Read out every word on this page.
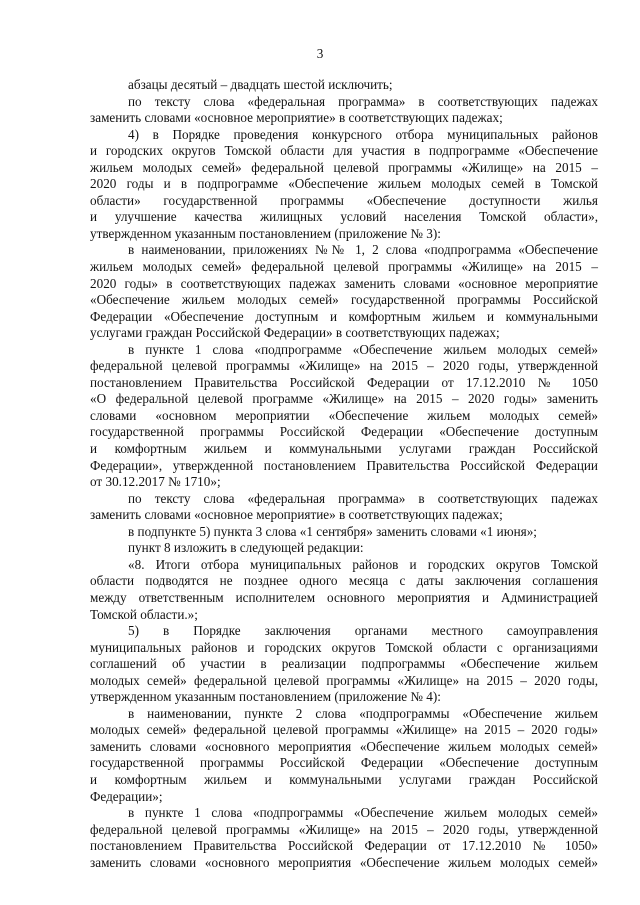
3
абзацы десятый – двадцать шестой исключить;
по тексту слова «федеральная программа» в соответствующих падежах
заменить словами «основное мероприятие» в соответствующих падежах;
4) в Порядке проведения конкурсного отбора муниципальных районов
и городских округов Томской области для участия в подпрограмме «Обеспечение
жильем молодых семей» федеральной целевой программы «Жилище» на 2015 –
2020 годы и в подпрограмме «Обеспечение жильем молодых семей в Томской
области» государственной программы «Обеспечение доступности жилья
и улучшение качества жилищных условий населения Томской области»,
утвержденном указанным постановлением (приложение № 3):
в наименовании, приложениях №№ 1, 2 слова «подпрограмма «Обеспечение
жильем молодых семей» федеральной целевой программы «Жилище» на 2015 –
2020 годы» в соответствующих падежах заменить словами «основное мероприятие
«Обеспечение жильем молодых семей» государственной программы Российской
Федерации «Обеспечение доступным и комфортным жильем и коммунальными
услугами граждан Российской Федерации» в соответствующих падежах;
в пункте 1 слова «подпрограмме «Обеспечение жильем молодых семей»
федеральной целевой программы «Жилище» на 2015 – 2020 годы, утвержденной
постановлением Правительства Российской Федерации от 17.12.2010 № 1050
«О федеральной целевой программе «Жилище» на 2015 – 2020 годы» заменить
словами «основном мероприятии «Обеспечение жильем молодых семей»
государственной программы Российской Федерации «Обеспечение доступным
и комфортным жильем и коммунальными услугами граждан Российской
Федерации», утвержденной постановлением Правительства Российской Федерации
от 30.12.2017 № 1710»;
по тексту слова «федеральная программа» в соответствующих падежах
заменить словами «основное мероприятие» в соответствующих падежах;
в подпункте 5) пункта 3 слова «1 сентября» заменить словами «1 июня»;
пункт 8 изложить в следующей редакции:
«8. Итоги отбора муниципальных районов и городских округов Томской
области подводятся не позднее одного месяца с даты заключения соглашения
между ответственным исполнителем основного мероприятия и Администрацией
Томской области.»;
5) в Порядке заключения органами местного самоуправления
муниципальных районов и городских округов Томской области с организациями
соглашений об участии в реализации подпрограммы «Обеспечение жильем
молодых семей» федеральной целевой программы «Жилище» на 2015 – 2020 годы,
утвержденном указанным постановлением (приложение № 4):
в наименовании, пункте 2 слова «подпрограммы «Обеспечение жильем
молодых семей» федеральной целевой программы «Жилище» на 2015 – 2020 годы»
заменить словами «основного мероприятия «Обеспечение жильем молодых семей»
государственной программы Российской Федерации «Обеспечение доступным
и комфортным жильем и коммунальными услугами граждан Российской
Федерации»;
в пункте 1 слова «подпрограммы «Обеспечение жильем молодых семей»
федеральной целевой программы «Жилище» на 2015 – 2020 годы, утвержденной
постановлением Правительства Российской Федерации от 17.12.2010 № 1050»
заменить словами «основного мероприятия «Обеспечение жильем молодых семей»
